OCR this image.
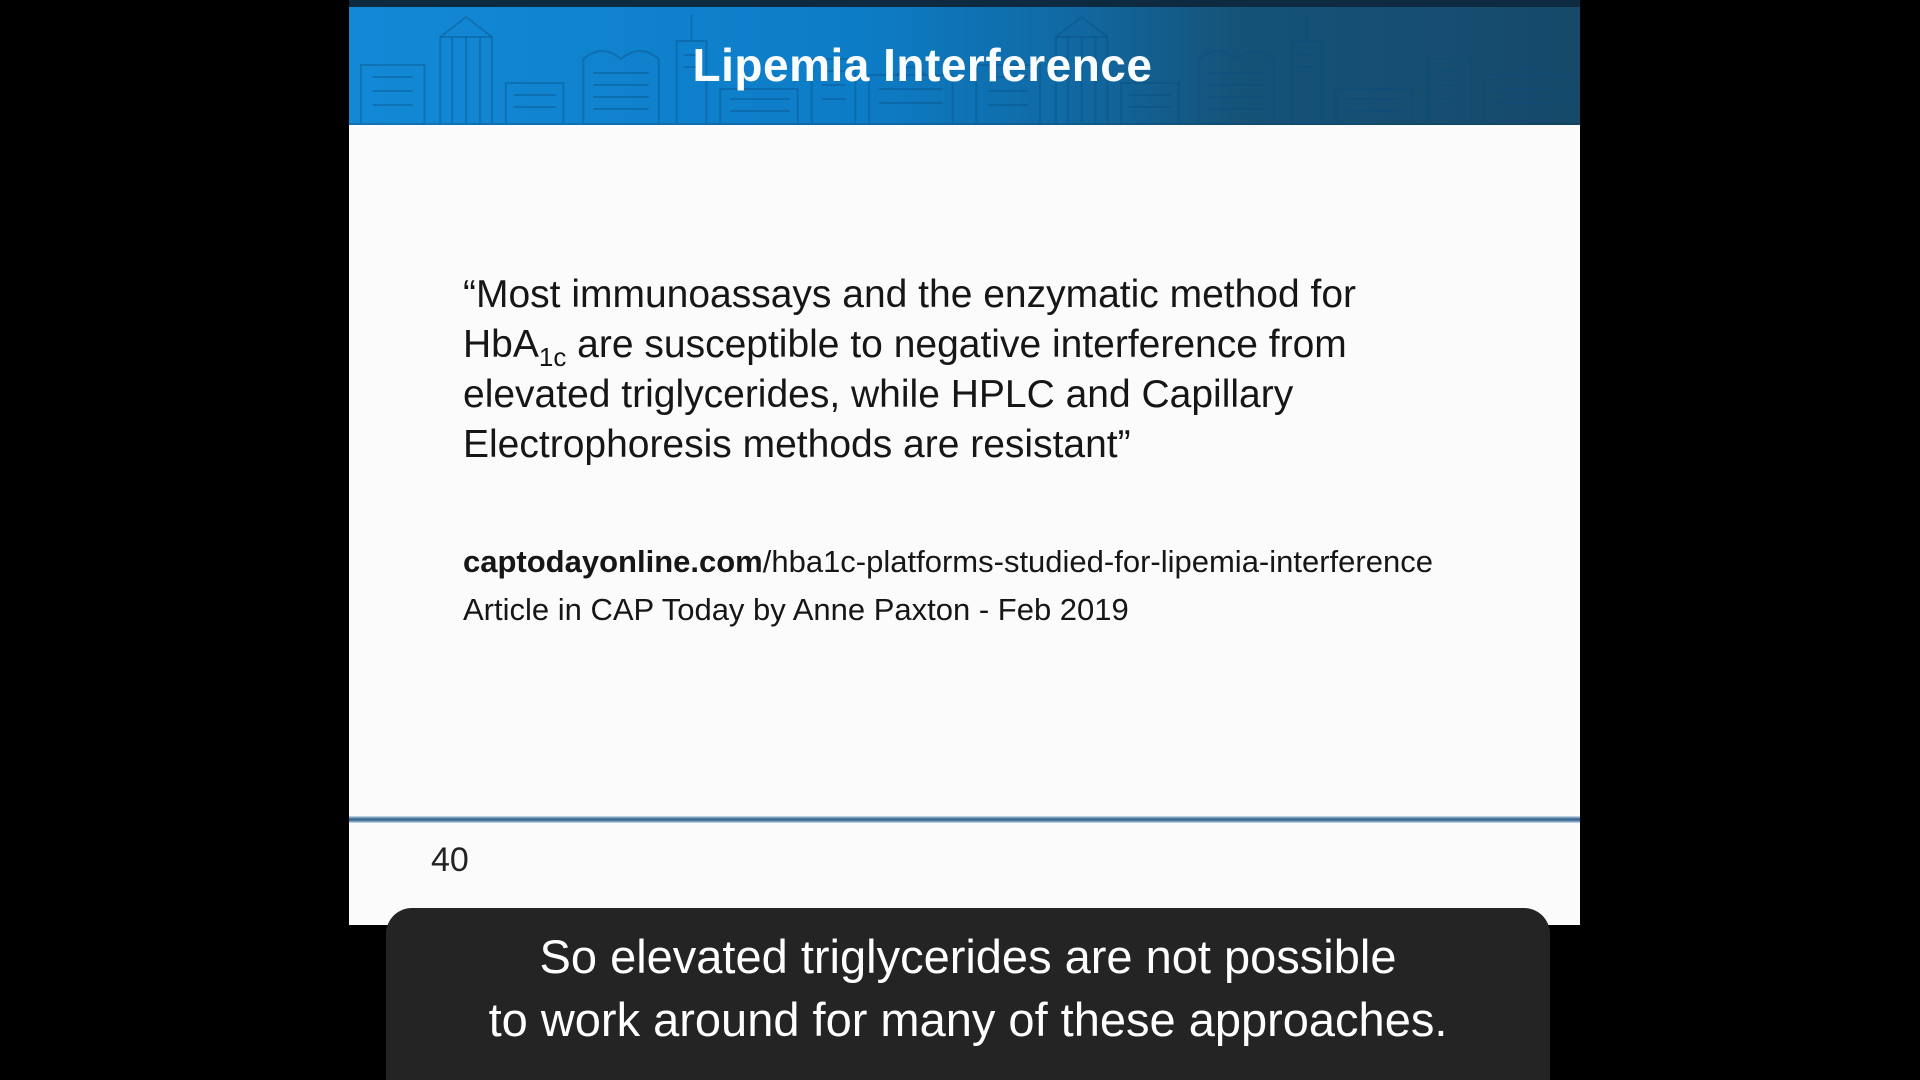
Lipemia Interference
“Most immunoassays and the enzymatic method for
HbA$_{1c}$ are susceptible to negative interference from
elevated triglycerides, while HPLC and Capillary
Electrophoresis methods are resistant”
captodayonline.com/hba1c-platforms-studied-for-lipemia-interference
Article in CAP Today by Anne Paxton - Feb 2019
40
So elevated triglycerides are not possible
to work around for many of these approaches.
